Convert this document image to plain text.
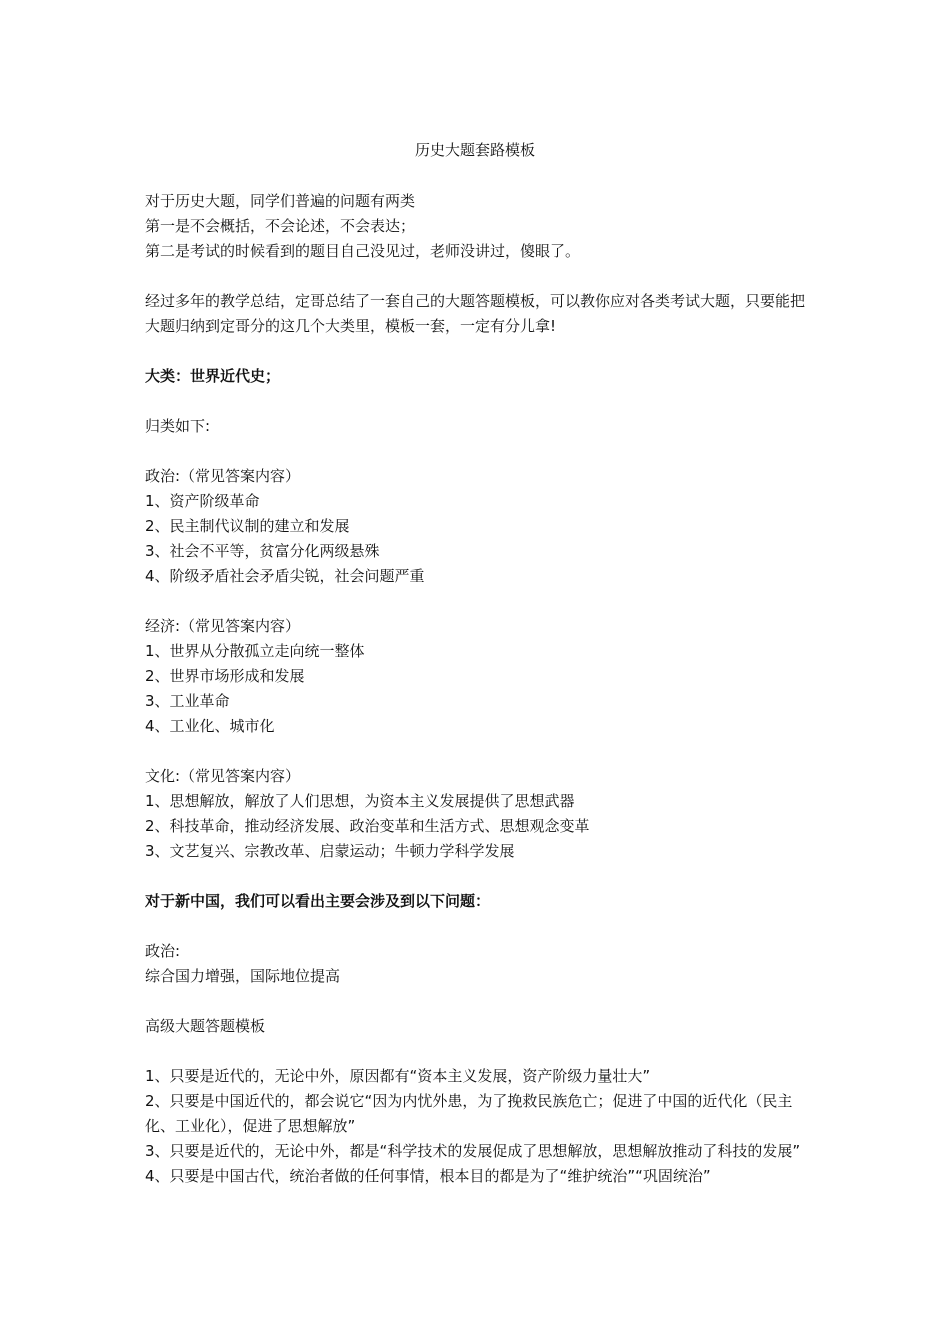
历史大题套路模板
对于历史大题，同学们普遍的问题有两类
第一是不会概括，不会论述，不会表达；
第二是考试的时候看到的题目自己没见过，老师没讲过，傻眼了。
经过多年的教学总结，定哥总结了一套自己的大题答题模板，可以教你应对各类考试大题，只要能把大题归纳到定哥分的这几个大类里，模板一套，一定有分儿拿!
大类：世界近代史；
归类如下:
政治:（常见答案内容）
1、资产阶级革命
2、民主制代议制的建立和发展
3、社会不平等，贫富分化两级悬殊
4、阶级矛盾社会矛盾尖锐，社会问题严重
经济:（常见答案内容）
1、世界从分散孤立走向统一整体
2、世界市场形成和发展
3、工业革命
4、工业化、城市化
文化:（常见答案内容）
1、思想解放，解放了人们思想，为资本主义发展提供了思想武器
2、科技革命，推动经济发展、政治变革和生活方式、思想观念变革
3、文艺复兴、宗教改革、启蒙运动；牛顿力学科学发展
对于新中国，我们可以看出主要会涉及到以下问题：
政治:
综合国力增强，国际地位提高
高级大题答题模板
1、只要是近代的，无论中外，原因都有“资本主义发展，资产阶级力量壮大”
2、只要是中国近代的，都会说它“因为内忧外患，为了挽救民族危亡；促进了中国的近代化（民主化、工业化），促进了思想解放”
3、只要是近代的，无论中外，都是“科学技术的发展促成了思想解放，思想解放推动了科技的发展”
4、只要是中国古代，统治者做的任何事情，根本目的都是为了“维护统治”“巩固统治”
